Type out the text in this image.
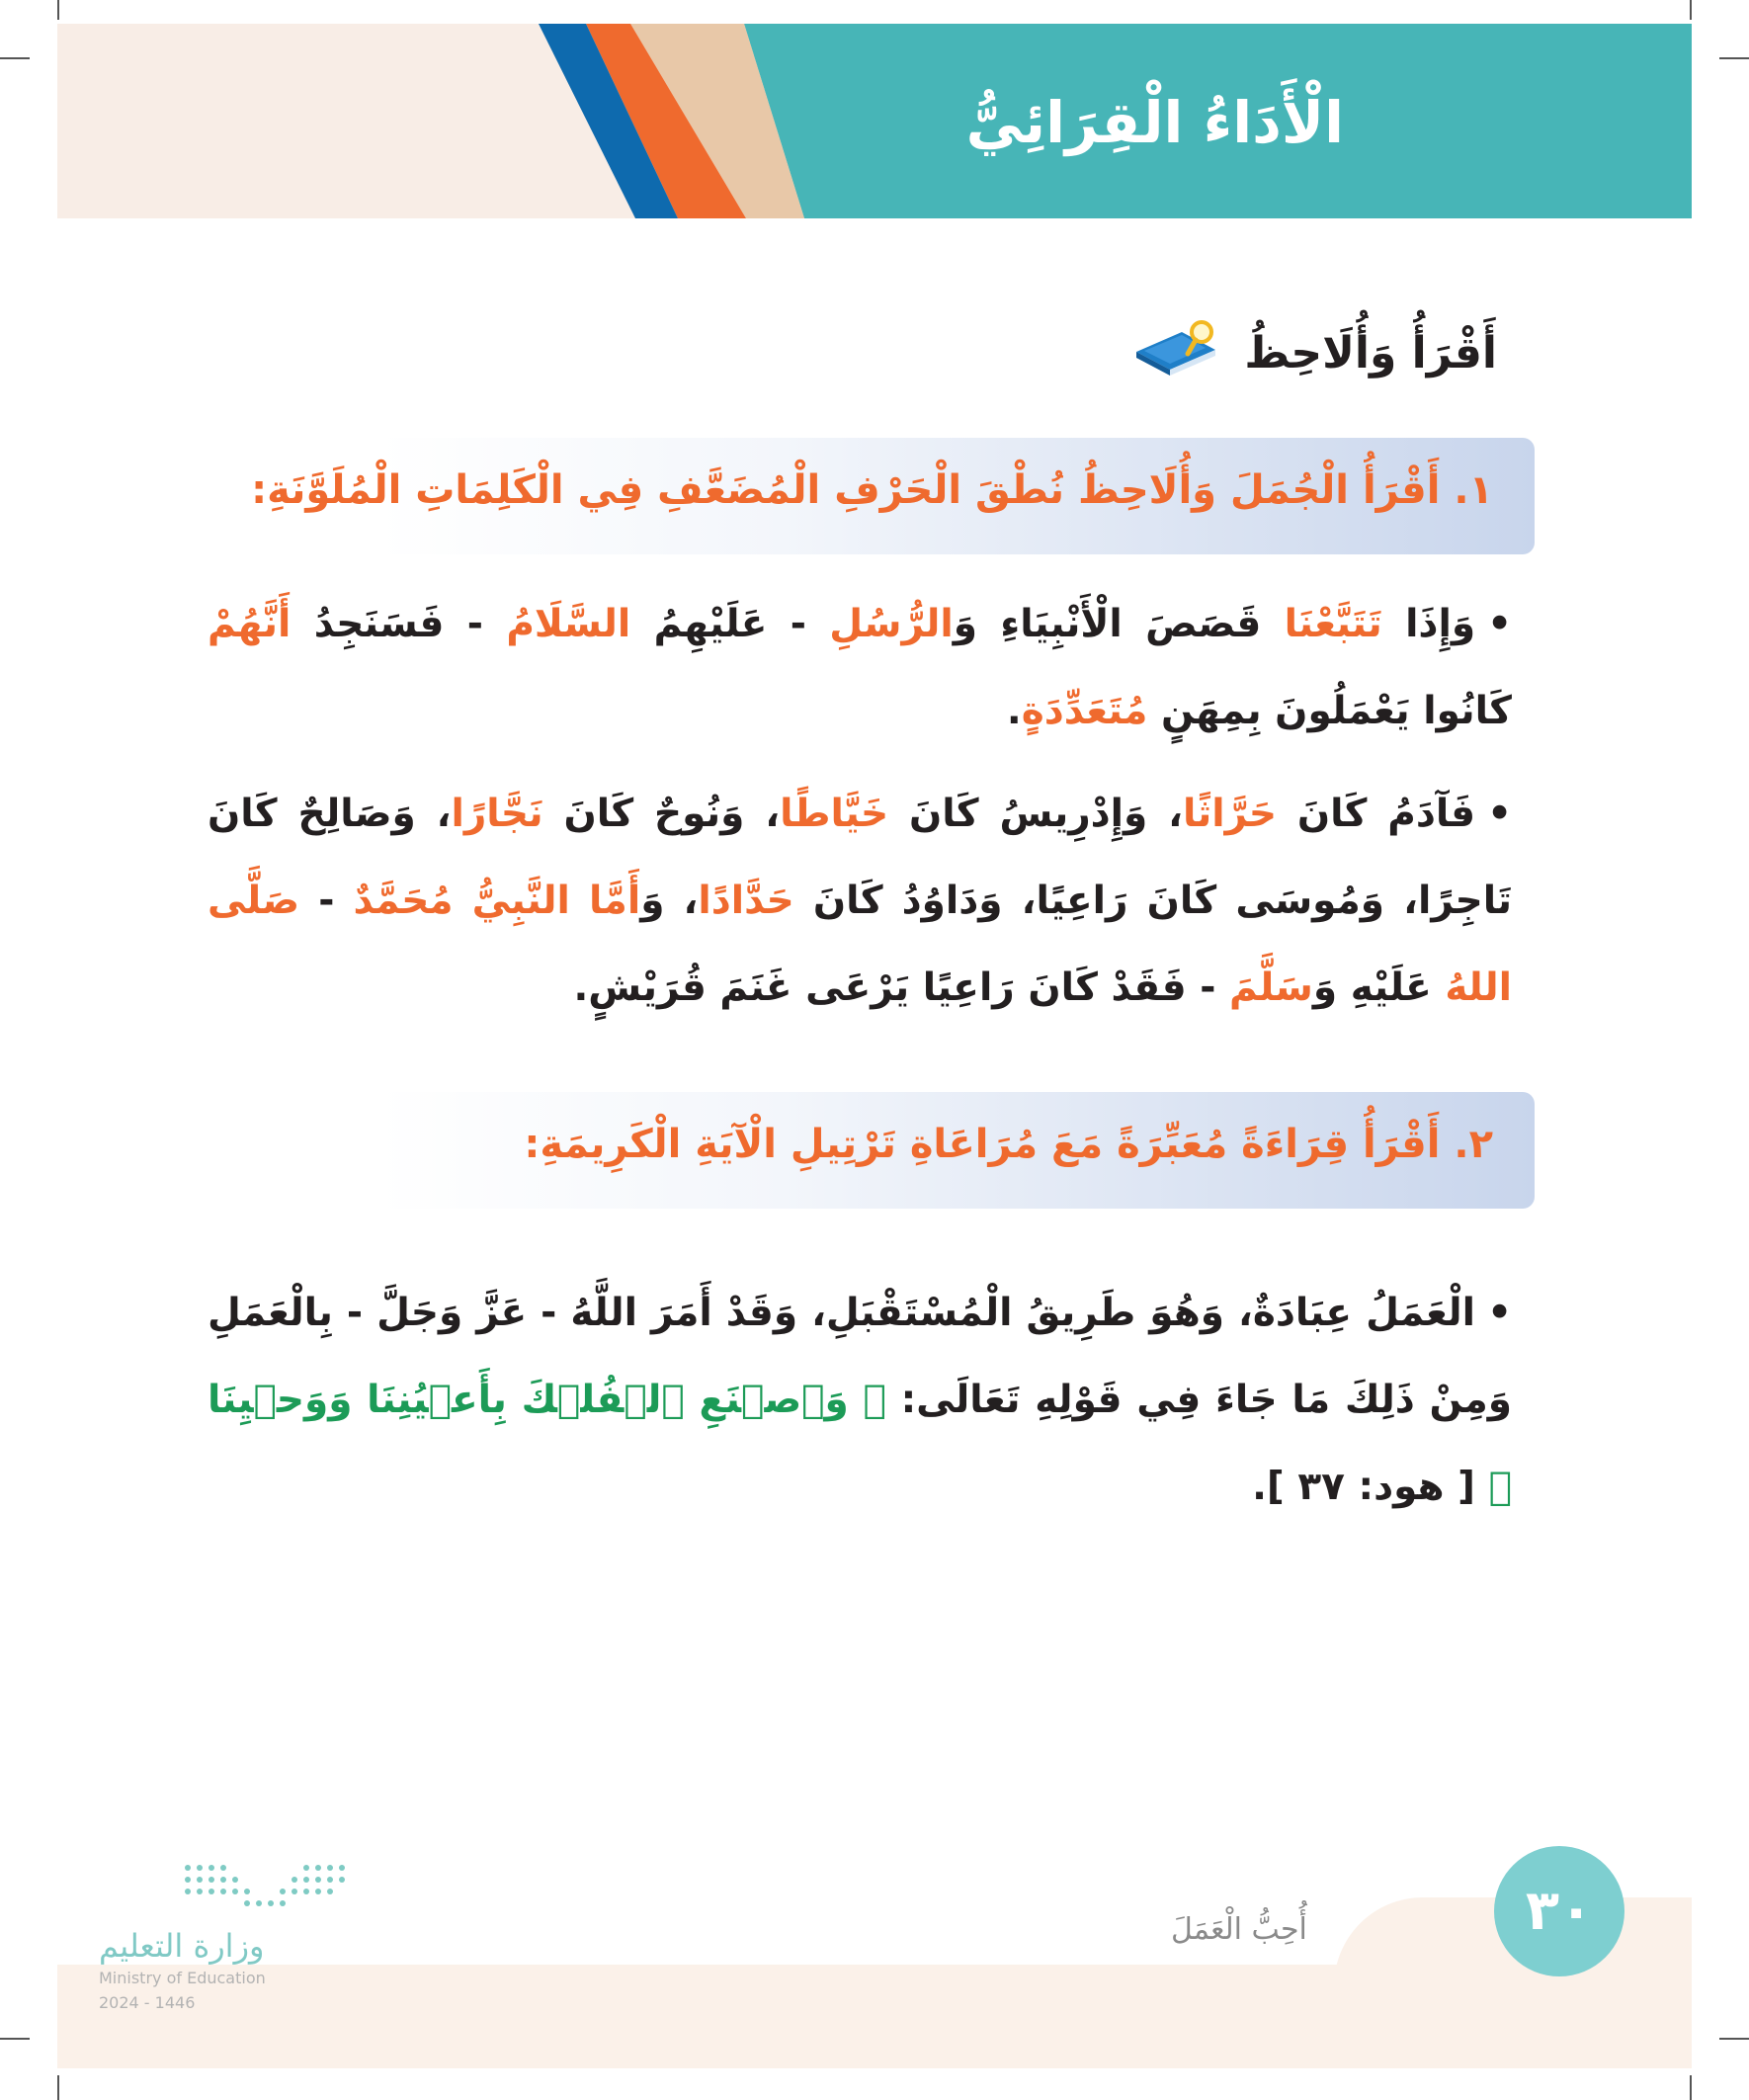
الْأَدَاءُ الْقِرَائِيُّ
أَقْرَأُ وَأُلَاحِظُ
١. أَقْرَأُ الْجُمَلَ وَأُلَاحِظُ نُطْقَ الْحَرْفِ الْمُضَعَّفِ فِي الْكَلِمَاتِ الْمُلَوَّنَةِ:
•وَإِذَا تَتَبَّعْنَا قَصَصَ الْأَنْبِيَاءِ وَالرُّسُلِ - عَلَيْهِمُ السَّلَامُ - فَسَنَجِدُ أَنَّهُمْ كَانُوا يَعْمَلُونَ بِمِهَنٍ مُتَعَدِّدَةٍ.
•فَآدَمُ كَانَ حَرَّاثًا، وَإِدْرِيسُ كَانَ خَيَّاطًا، وَنُوحٌ كَانَ نَجَّارًا، وَصَالِحٌ كَانَ تَاجِرًا، وَمُوسَى كَانَ رَاعِيًا، وَدَاوُدُ كَانَ حَدَّادًا، وَأَمَّا النَّبِيُّ مُحَمَّدٌ - صَلَّى اللهُ عَلَيْهِ وَسَلَّمَ - فَقَدْ كَانَ رَاعِيًا يَرْعَى غَنَمَ قُرَيْشٍ.
٢. أَقْرَأُ قِرَاءَةً مُعَبِّرَةً مَعَ مُرَاعَاةِ تَرْتِيلِ الْآيَةِ الْكَرِيمَةِ:
•الْعَمَلُ عِبَادَةٌ، وَهُوَ طَرِيقُ الْمُسْتَقْبَلِ، وَقَدْ أَمَرَ اللَّهُ - عَزَّ وَجَلَّ - بِالْعَمَلِ وَمِنْ ذَلِكَ مَا جَاءَ فِي قَوْلِهِ تَعَالَى: ﴿ وَٱصۡنَعِ ٱلۡفُلۡكَ بِأَعۡيُنِنَا وَوَحۡيِنَا ﴾ [ هود: ٣٧ ].
٣٠
أُحِبُّ الْعَمَلَ
وزارة التعليم
Ministry of Education
2024 - 1446
